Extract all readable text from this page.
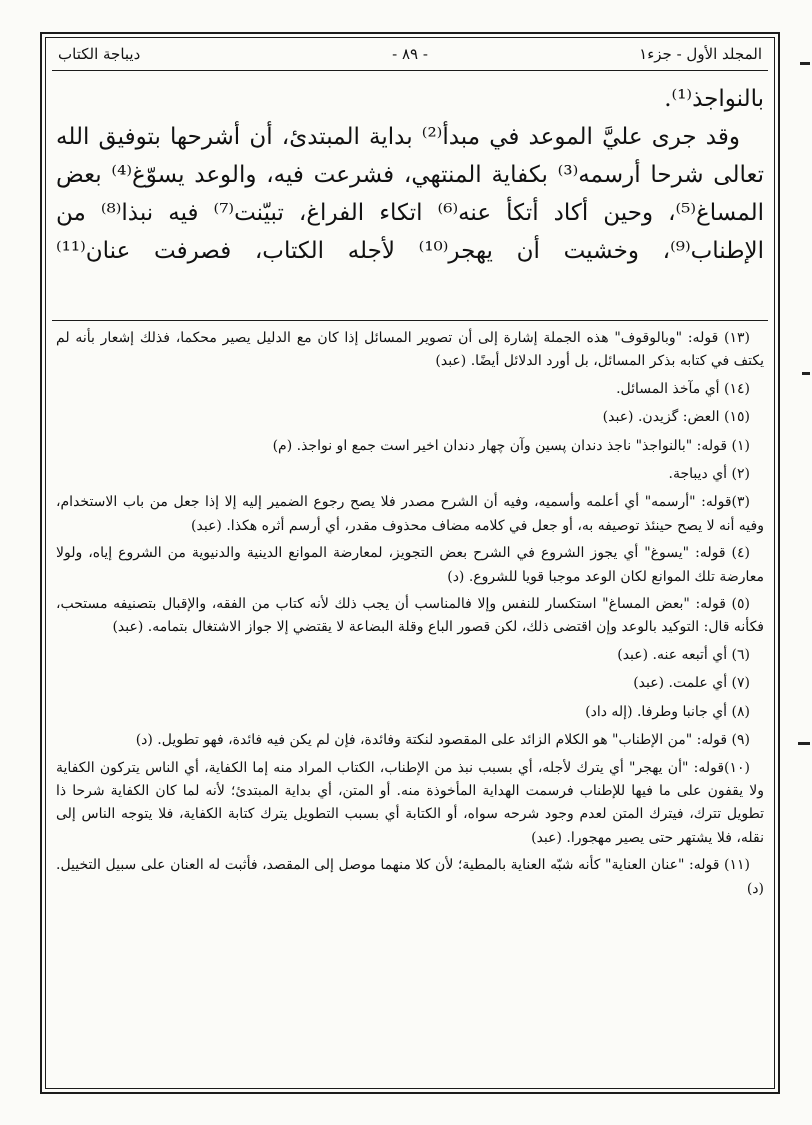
المجلد الأول - جزء١
- ٨٩ -
ديباجة الكتاب

بالنواجذ⁽¹⁾.

وقد جرى عليَّ الموعد في مبدأ⁽²⁾ بداية المبتدئ، أن أشرحها بتوفيق الله تعالى شرحا أرسمه⁽³⁾ بكفاية المنتهي، فشرعت فيه، والوعد يسوّغ⁽⁴⁾ بعض المساغ⁽⁵⁾، وحين أكاد أتكأ عنه⁽⁶⁾ اتكاء الفراغ، تبيّنت⁽⁷⁾ فيه نبذا⁽⁸⁾ من الإطناب⁽⁹⁾، وخشيت أن يهجر⁽¹⁰⁾ لأجله الكتاب، فصرفت عنان⁽¹¹⁾

(١٣) قوله: "وبالوقوف" هذه الجملة إشارة إلى أن تصوير المسائل إذا كان مع الدليل يصير محكما، فذلك إشعار بأنه لم يكتف في كتابه بذكر المسائل، بل أورد الدلائل أيضًا. (عبد)

(١٤) أي مآخذ المسائل.

(١٥) العض: گزيدن. (عبد)

(١) قوله: "بالنواجذ" ناجذ دندان پسين وآن چهار دندان اخير است جمع او نواجذ. (م)

(٢) أي ديباجة.

(٣)قوله: "أرسمه" أي أعلمه وأسميه، وفيه أن الشرح مصدر فلا يصح رجوع الضمير إليه إلا إذا جعل من باب الاستخدام، وفيه أنه لا يصح حينئذ توصيفه به، أو جعل في كلامه مضاف محذوف مقدر، أي أرسم أثره هكذا. (عبد)

(٤) قوله: "يسوغ" أي يجوز الشروع في الشرح بعض التجويز، لمعارضة الموانع الدينية والدنيوية من الشروع إياه، ولولا معارضة تلك الموانع لكان الوعد موجبا قويا للشروع. (د)

(٥) قوله: "بعض المساغ" استكسار للنفس وإلا فالمناسب أن يجب ذلك لأنه كتاب من الفقه، والإقبال بتصنيفه مستحب، فكأنه قال: التوكيد بالوعد وإن اقتضى ذلك، لكن قصور الباع وقلة البضاعة لا يقتضي إلا جواز الاشتغال بتمامه. (عبد)

(٦) أي أتبعه عنه. (عبد)

(٧) أي علمت. (عبد)

(٨) أي جانبا وطرفا. (إله داد)

(٩) قوله: "من الإطناب" هو الكلام الزائد على المقصود لنكتة وفائدة، فإن لم يكن فيه فائدة، فهو تطويل. (د)

(١٠)قوله: "أن يهجر" أي يترك لأجله، أي بسبب نبذ من الإطناب، الكتاب المراد منه إما الكفاية، أي الناس يتركون الكفاية ولا يقفون على ما فيها للإطناب فرسمت الهداية المأخوذة منه. أو المتن، أي بداية المبتدئ؛ لأنه لما كان الكفاية شرحا ذا تطويل تترك، فيترك المتن لعدم وجود شرحه سواه، أو الكتابة أي بسبب التطويل يترك كتابة الكفاية، فلا يتوجه الناس إلى نقله، فلا يشتهر حتى يصير مهجورا. (عبد)

(١١) قوله: "عنان العناية" كأنه شبّه العناية بالمطية؛ لأن كلا منهما موصل إلى المقصد، فأثبت له العنان على سبيل التخييل. (د)
